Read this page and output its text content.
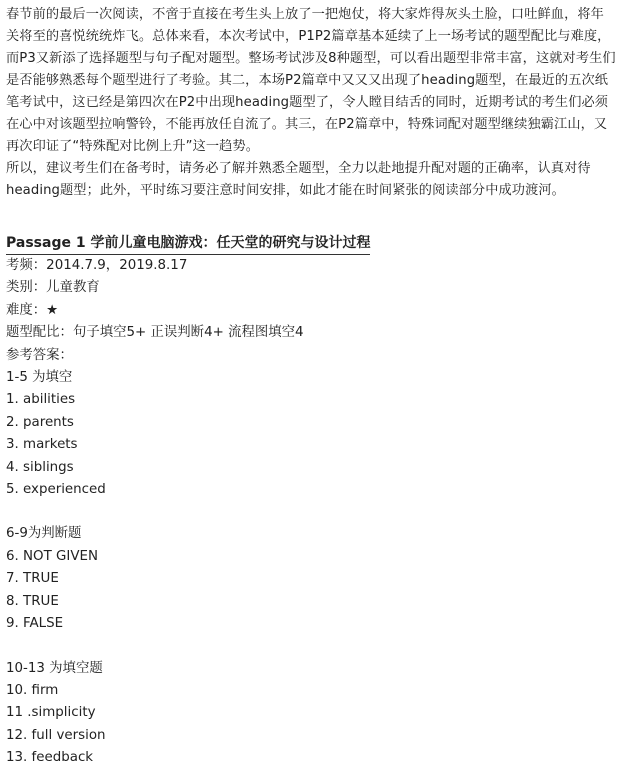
春节前的最后一次阅读，不啻于直接在考生头上放了一把炮仗，将大家炸得灰头土脸，口吐鲜血，将年关将至的喜悦统统炸飞。总体来看，本次考试中，P1P2篇章基本延续了上一场考试的题型配比与难度，而P3又新添了选择题型与句子配对题型。整场考试涉及8种题型，可以看出题型非常丰富，这就对考生们是否能够熟悉每个题型进行了考验。其二，本场P2篇章中又又又出现了heading题型，在最近的五次纸笔考试中，这已经是第四次在P2中出现heading题型了，令人瞠目结舌的同时，近期考试的考生们必须在心中对该题型拉响警铃，不能再放任自流了。其三，在P2篇章中，特殊词配对题型继续独霸江山，又再次印证了“特殊配对比例上升”这一趋势。

所以，建议考生们在备考时，请务必了解并熟悉全题型，全力以赴地提升配对题的正确率，认真对待heading题型；此外，平时练习要注意时间安排，如此才能在时间紧张的阅读部分中成功渡河。

Passage 1 学前儿童电脑游戏：任天堂的研究与设计过程

考频：2014.7.9，2019.8.17

类别：儿童教育

难度：★

题型配比：句子填空5+ 正误判断4+ 流程图填空4

参考答案：

1-5 为填空

1. abilities

2. parents

3. markets

4. siblings

5. experienced

6-9为判断题

6. NOT GIVEN

7. TRUE

8. TRUE

9. FALSE

10-13 为填空题

10. firm

11 .simplicity

12. full version

13. feedback
